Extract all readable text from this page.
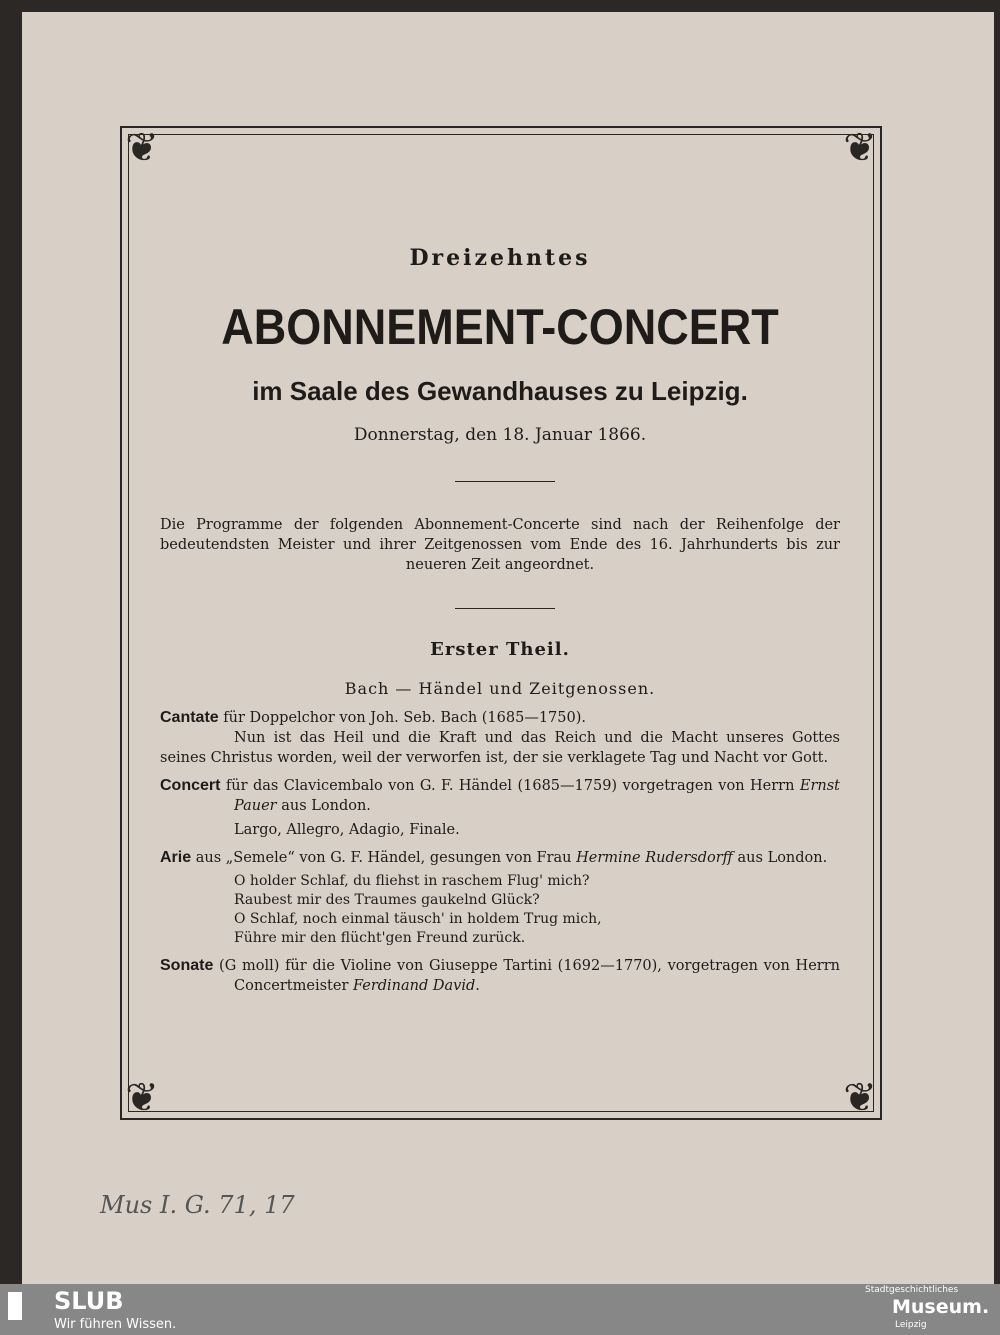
❦	❦
❦	❦
Dreizehntes
ABONNEMENT-CONCERT
im Saale des Gewandhauses zu Leipzig.
Donnerstag, den 18. Januar 1866.
Die Programme der folgenden Abonnement-Concerte sind nach der Reihenfolge der bedeutendsten Meister und ihrer Zeitgenossen vom Ende des 16. Jahrhunderts bis zur neueren Zeit angeordnet.
Erster Theil.
Bach — Händel und Zeitgenossen.
Cantate für Doppelchor von Joh. Seb. Bach (1685—1750).
Nun ist das Heil und die Kraft und das Reich und die Macht unseres Gottes seines Christus worden, weil der verworfen ist, der sie verklagete Tag und Nacht vor Gott.
Concert für das Clavicembalo von G. F. Händel (1685—1759) vorgetragen von Herrn Ernst Pauer aus London.
Largo, Allegro, Adagio, Finale.
Arie aus „Semele“ von G. F. Händel, gesungen von Frau Hermine Rudersdorff aus London.
O holder Schlaf, du fliehst in raschem Flug' mich?
Raubest mir des Traumes gaukelnd Glück?
O Schlaf, noch einmal täusch' in holdem Trug mich,
Führe mir den flücht'gen Freund zurück.
Sonate (G moll) für die Violine von Giuseppe Tartini (1692—1770), vorgetragen von Herrn Concertmeister Ferdinand David.
Mus I. G. 71, 17
SLUB
Wir führen Wissen.
Stadtgeschichtliches
Museum.
Leipzig
